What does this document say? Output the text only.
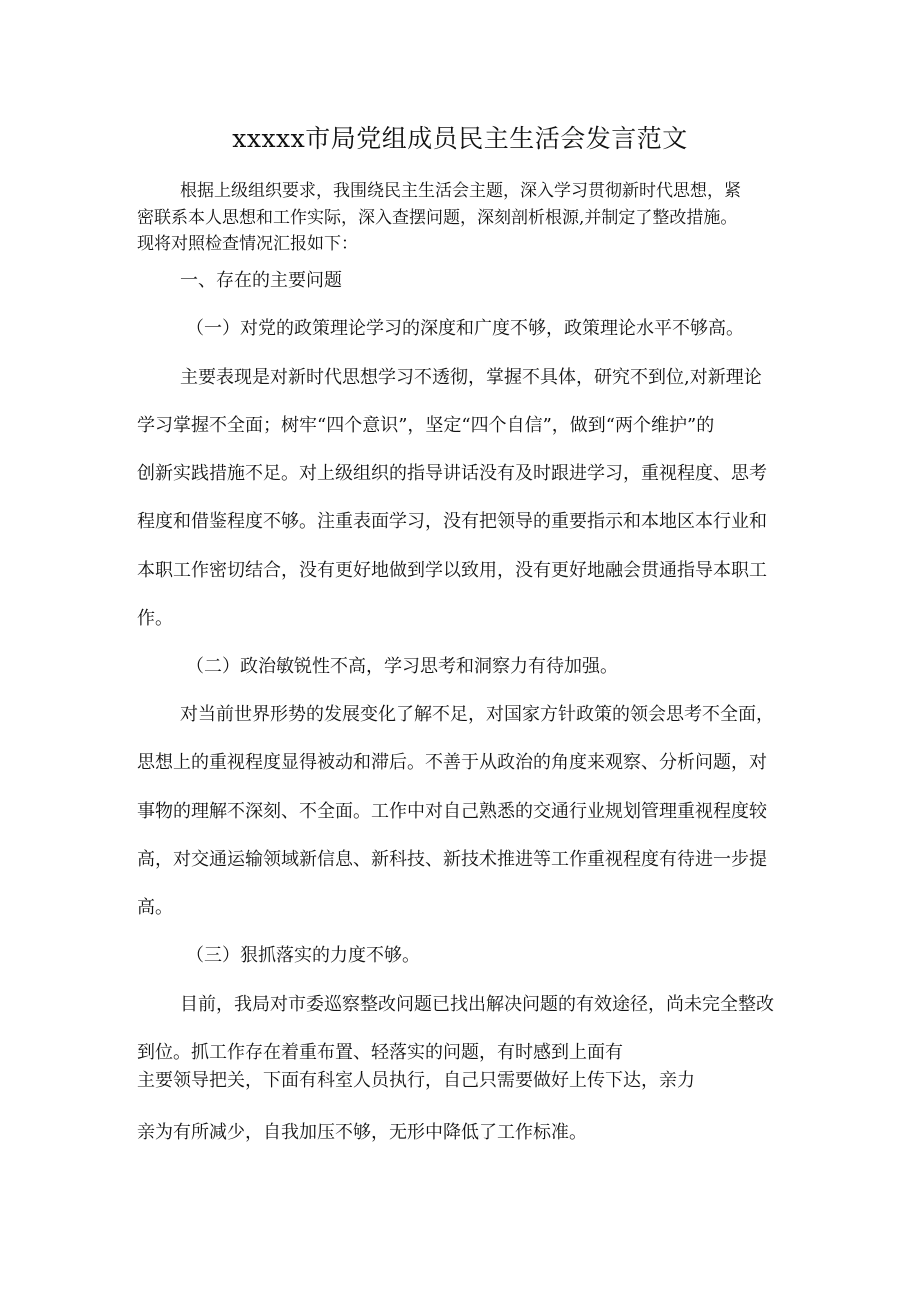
xxxxx市局党组成员民主生活会发言范文
根据上级组织要求，我围绕民主生活会主题，深入学习贯彻新时代思想，紧
密联系本人思想和工作实际，深入查摆问题，深刻剖析根源,并制定了整改措施。
现将对照检查情况汇报如下：
一、存在的主要问题
（一）对党的政策理论学习的深度和广度不够，政策理论水平不够高。
主要表现是对新时代思想学习不透彻，掌握不具体，研究不到位,对新理论
学习掌握不全面；树牢“四个意识”，坚定“四个自信”，做到“两个维护”的
创新实践措施不足。对上级组织的指导讲话没有及时跟进学习，重视程度、思考
程度和借鉴程度不够。注重表面学习，没有把领导的重要指示和本地区本行业和
本职工作密切结合，没有更好地做到学以致用，没有更好地融会贯通指导本职工
作。
（二）政治敏锐性不高，学习思考和洞察力有待加强。
对当前世界形势的发展变化了解不足，对国家方针政策的领会思考不全面，
思想上的重视程度显得被动和滞后。不善于从政治的角度来观察、分析问题，对
事物的理解不深刻、不全面。工作中对自己熟悉的交通行业规划管理重视程度较
高，对交通运输领域新信息、新科技、新技术推进等工作重视程度有待进一步提
高。
（三）狠抓落实的力度不够。
目前，我局对市委巡察整改问题已找出解决问题的有效途径，尚未完全整改
到位。抓工作存在着重布置、轻落实的问题，有时感到上面有
主要领导把关，下面有科室人员执行，自己只需要做好上传下达，亲力
亲为有所减少，自我加压不够，无形中降低了工作标准。
